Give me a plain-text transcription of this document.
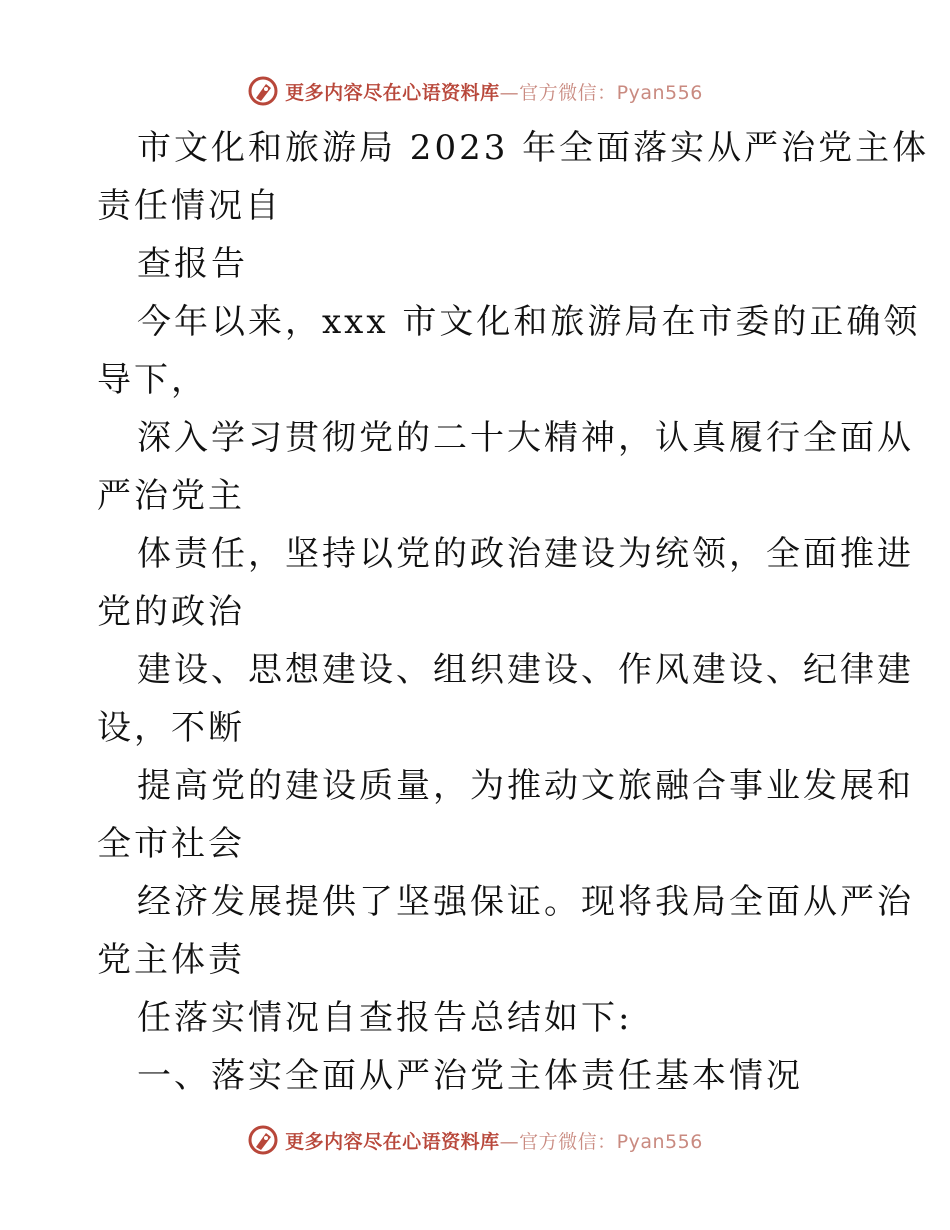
更多内容尽在心语资料库—官方微信：Pyan556
市文化和旅游局 2023 年全面落实从严治党主体
责任情况自
查报告
今年以来，xxx 市文化和旅游局在市委的正确领
导下，
深入学习贯彻党的二十大精神，认真履行全面从
严治党主
体责任，坚持以党的政治建设为统领，全面推进
党的政治
建设、思想建设、组织建设、作风建设、纪律建
设，不断
提高党的建设质量，为推动文旅融合事业发展和
全市社会
经济发展提供了坚强保证。现将我局全面从严治
党主体责
任落实情况自查报告总结如下:
一、落实全面从严治党主体责任基本情况
更多内容尽在心语资料库—官方微信：Pyan556
